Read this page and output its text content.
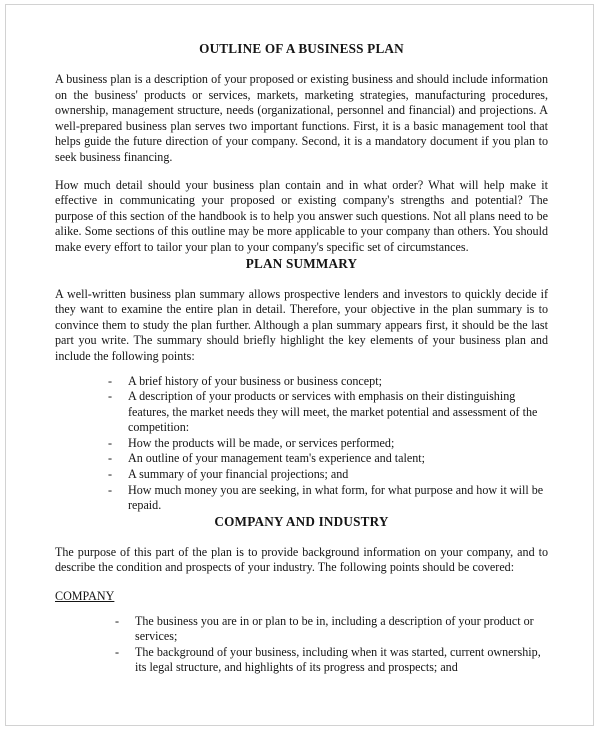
OUTLINE OF A BUSINESS PLAN

A business plan is a description of your proposed or existing business and should include information on the business' products or services, markets, marketing strategies, manufacturing procedures, ownership, management structure, needs (organizational, personnel and financial) and projections. A well-prepared business plan serves two important functions. First, it is a basic management tool that helps guide the future direction of your company. Second, it is a mandatory document if you plan to seek business financing.

How much detail should your business plan contain and in what order? What will help make it effective in communicating your proposed or existing company's strengths and potential? The purpose of this section of the handbook is to help you answer such questions. Not all plans need to be alike. Some sections of this outline may be more applicable to your company than others. You should make every effort to tailor your plan to your company's specific set of circumstances.

PLAN SUMMARY

A well-written business plan summary allows prospective lenders and investors to quickly decide if they want to examine the entire plan in detail. Therefore, your objective in the plan summary is to convince them to study the plan further. Although a plan summary appears first, it should be the last part you write. The summary should briefly highlight the key elements of your business plan and include the following points:

- A brief history of your business or business concept;
- A description of your products or services with emphasis on their distinguishing features, the market needs they will meet, the market potential and assessment of the competition:
- How the products will be made, or services performed;
- An outline of your management team's experience and talent;
- A summary of your financial projections; and
- How much money you are seeking, in what form, for what purpose and how it will be repaid.
COMPANY AND INDUSTRY

The purpose of this part of the plan is to provide background information on your company, and to describe the condition and prospects of your industry. The following points should be covered:

COMPANY
- The business you are in or plan to be in, including a description of your product or services;
- The background of your business, including when it was started, current ownership, its legal structure, and highlights of its progress and prospects; and
